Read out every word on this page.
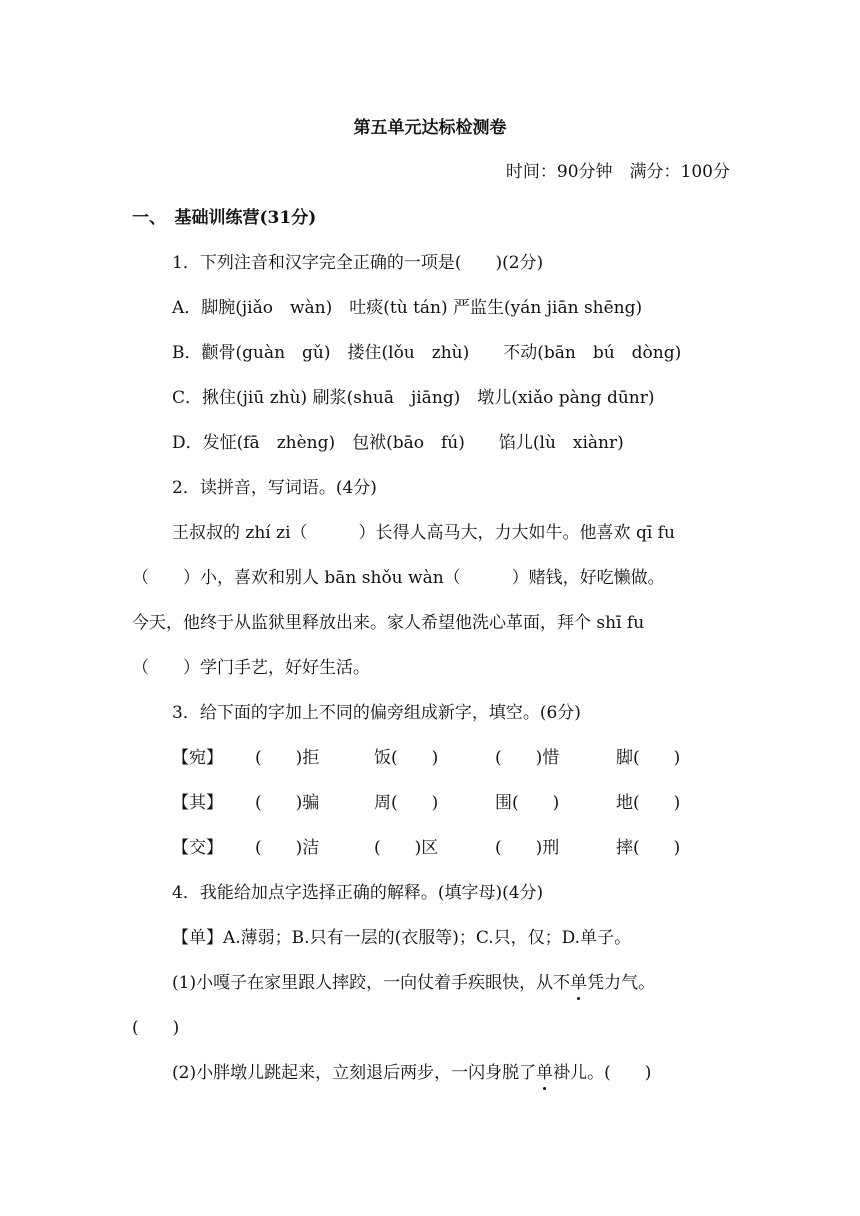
第五单元达标检测卷
时间：90分钟　满分：100分
一、　基础训练营(31分)
1．下列注音和汉字完全正确的一项是(　　)(2分)
A．脚腕(jiǎo　wàn)　吐痰(tù tán) 严监生(yán jiān shēng)
B．颧骨(guàn　gǔ)　搂住(lǒu　zhù)　　不动(bān　bú　dòng)
C．揪住(jiū zhù) 刷浆(shuā　jiāng)　墩儿(xiǎo pàng dūnr)
D．发怔(fā　zhèng)　包袱(bāo　fú)　　馅儿(lù　xiànr)
2．读拼音，写词语。(4分)
王叔叔的 zhí zi（　　　）长得人高马大，力大如牛。他喜欢 qī fu
（　　）小，喜欢和别人 bān shǒu wàn（　　　）赌钱，好吃懒做。
今天，他终于从监狱里释放出来。家人希望他洗心革面，拜个 shī fu
（　　）学门手艺，好好生活。
3．给下面的字加上不同的偏旁组成新字，填空。(6分)
【宛】 (　　)拒	饭(　　)	(　　)惜	脚(　　)
【其】 (　　)骗	周(　　)	围(　　)	地(　　)
【交】 (　　)洁	(　　)区	(　　)刑	摔(　　)
4．我能给加点字选择正确的解释。(填字母)(4分)
【单】A.薄弱；B.只有一层的(衣服等)；C.只，仅；D.单子。
(1)小嘎子在家里跟人摔跤，一向仗着手疾眼快，从不单凭力气。
(　　)
(2)小胖墩儿跳起来，立刻退后两步，一闪身脱了单褂儿。(　　)
